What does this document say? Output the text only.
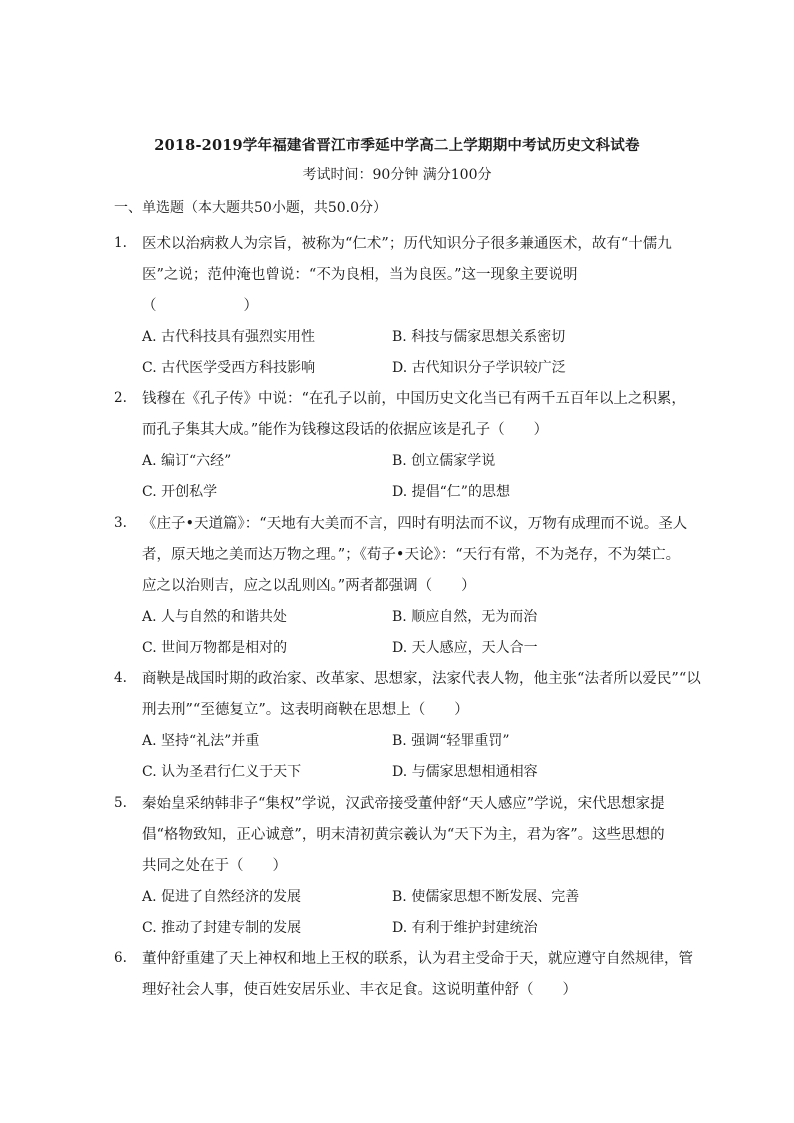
2018-2019学年福建省晋江市季延中学高二上学期期中考试历史文科试卷
考试时间：90分钟 满分100分
一、单选题（本大题共50小题，共50.0分）
1. 医术以治病救人为宗旨，被称为“仁术”；历代知识分子很多兼通医术，故有“十儒九
医”之说；范仲淹也曾说：“不为良相，当为良医。”这一现象主要说明
（　　　　　　）
A. 古代科技具有强烈实用性	B. 科技与儒家思想关系密切
C. 古代医学受西方科技影响	D. 古代知识分子学识较广泛
2. 钱穆在《孔子传》中说：“在孔子以前，中国历史文化当已有两千五百年以上之积累，
而孔子集其大成。”能作为钱穆这段话的依据应该是孔子（　　）
A. 编订“六经”	B. 创立儒家学说
C. 开创私学	D. 提倡“仁”的思想
3. 《庄子•天道篇》：“天地有大美而不言，四时有明法而不议，万物有成理而不说。圣人
者，原天地之美而达万物之理。”；《荀子•天论》：“天行有常，不为尧存，不为桀亡。
应之以治则吉，应之以乱则凶。”两者都强调（　　）
A. 人与自然的和谐共处	B. 顺应自然，无为而治
C. 世间万物都是相对的	D. 天人感应，天人合一
4. 商鞅是战国时期的政治家、改革家、思想家，法家代表人物，他主张“法者所以爱民”“以
刑去刑”“至德复立”。这表明商鞅在思想上（　　）
A. 坚持“礼法”并重	B. 强调“轻罪重罚”
C. 认为圣君行仁义于天下	D. 与儒家思想相通相容
5. 秦始皇采纳韩非子“集权”学说，汉武帝接受董仲舒“天人感应”学说，宋代思想家提
倡“格物致知，正心诚意”，明末清初黄宗羲认为“天下为主，君为客”。这些思想的
共同之处在于（　　）
A. 促进了自然经济的发展	B. 使儒家思想不断发展、完善
C. 推动了封建专制的发展	D. 有利于维护封建统治
6. 董仲舒重建了天上神权和地上王权的联系，认为君主受命于天，就应遵守自然规律，管
理好社会人事，使百姓安居乐业、丰衣足食。这说明董仲舒（　　）
